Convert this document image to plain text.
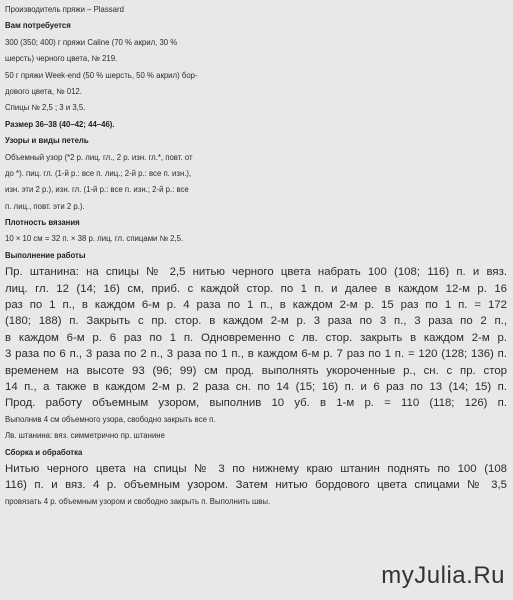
Производитель пряжи – Plassard
Вам потребуется
300 (350; 400) г пряжи Caline (70 % акрил, 30 %
шерсть) черного цвета, № 219.
50 г пряжи Week-end (50 % шерсть, 50 % акрил) бор-
дового цвета, № 012.
Спицы № 2,5 ; 3 и 3,5.
Размер 36–38 (40–42; 44–46).
Узоры и виды петель
Объемный узор (*2 р. лиц. гл., 2 р. изн. гл.*, повт. от
до *). пиц. гл. (1-й р.: все п. лиц.; 2-й р.: все п. изн.),
изн. эти 2 р.), изн. гл. (1-й р.: все п. изн.; 2-й р.: все
п. лиц., повт. эти 2 р.).
Плотность вязания
10 × 10 см = 32 п. × 38 р. лиц. гл. спицами № 2,5.
Выполнение работы
Пр. штанина: на спицы № 2,5 нитью черного цвета набрать 100 (108; 116) п. и вяз.
лиц. гл. 12 (14; 16) см, приб. с каждой стор. по 1 п. и далее в каждом 12-м р. 16
раз по 1 п., в каждом 6-м р. 4 раза по 1 п., в каждом 2-м р. 15 раз по 1 п. = 172
(180; 188) п. Закрыть с пр. стор. в каждом 2-м р. 3 раза по 3 п., 3 раза по 2 п.,
в каждом 6-м р. 6 раз по 1 п. Одновременно с лв. стор. закрыть в каждом 2-м р.
3 раза по 6 п., 3 раза по 2 п., 3 раза по 1 п., в каждом 6-м р. 7 раз по 1 п. = 120 (128; 136) п.
временем на высоте 93 (96; 99) см прод. выполнять укороченные р., сн. с пр. стор
14 п., а также в каждом 2-м р. 2 раза сн. по 14 (15; 16) п. и 6 раз по 13 (14; 15) п.
Прод. работу объемным узором, выполнив 10 уб. в 1-м р. = 110 (118; 126) п.
Выполнив 4 см объемного узора, свободно закрыть все п.
Лв. штанина: вяз. симметрично пр. штанине
Сборка и обработка
Нитью черного цвета на спицы № 3 по нижнему краю штанин поднять по 100 (108
116) п. и вяз. 4 р. объемным узором. Затем нитью бордового цвета спицами № 3,5
провязать 4 р. объемным узором и свободно закрыть п. Выполнить швы.
myJulia.Ru
